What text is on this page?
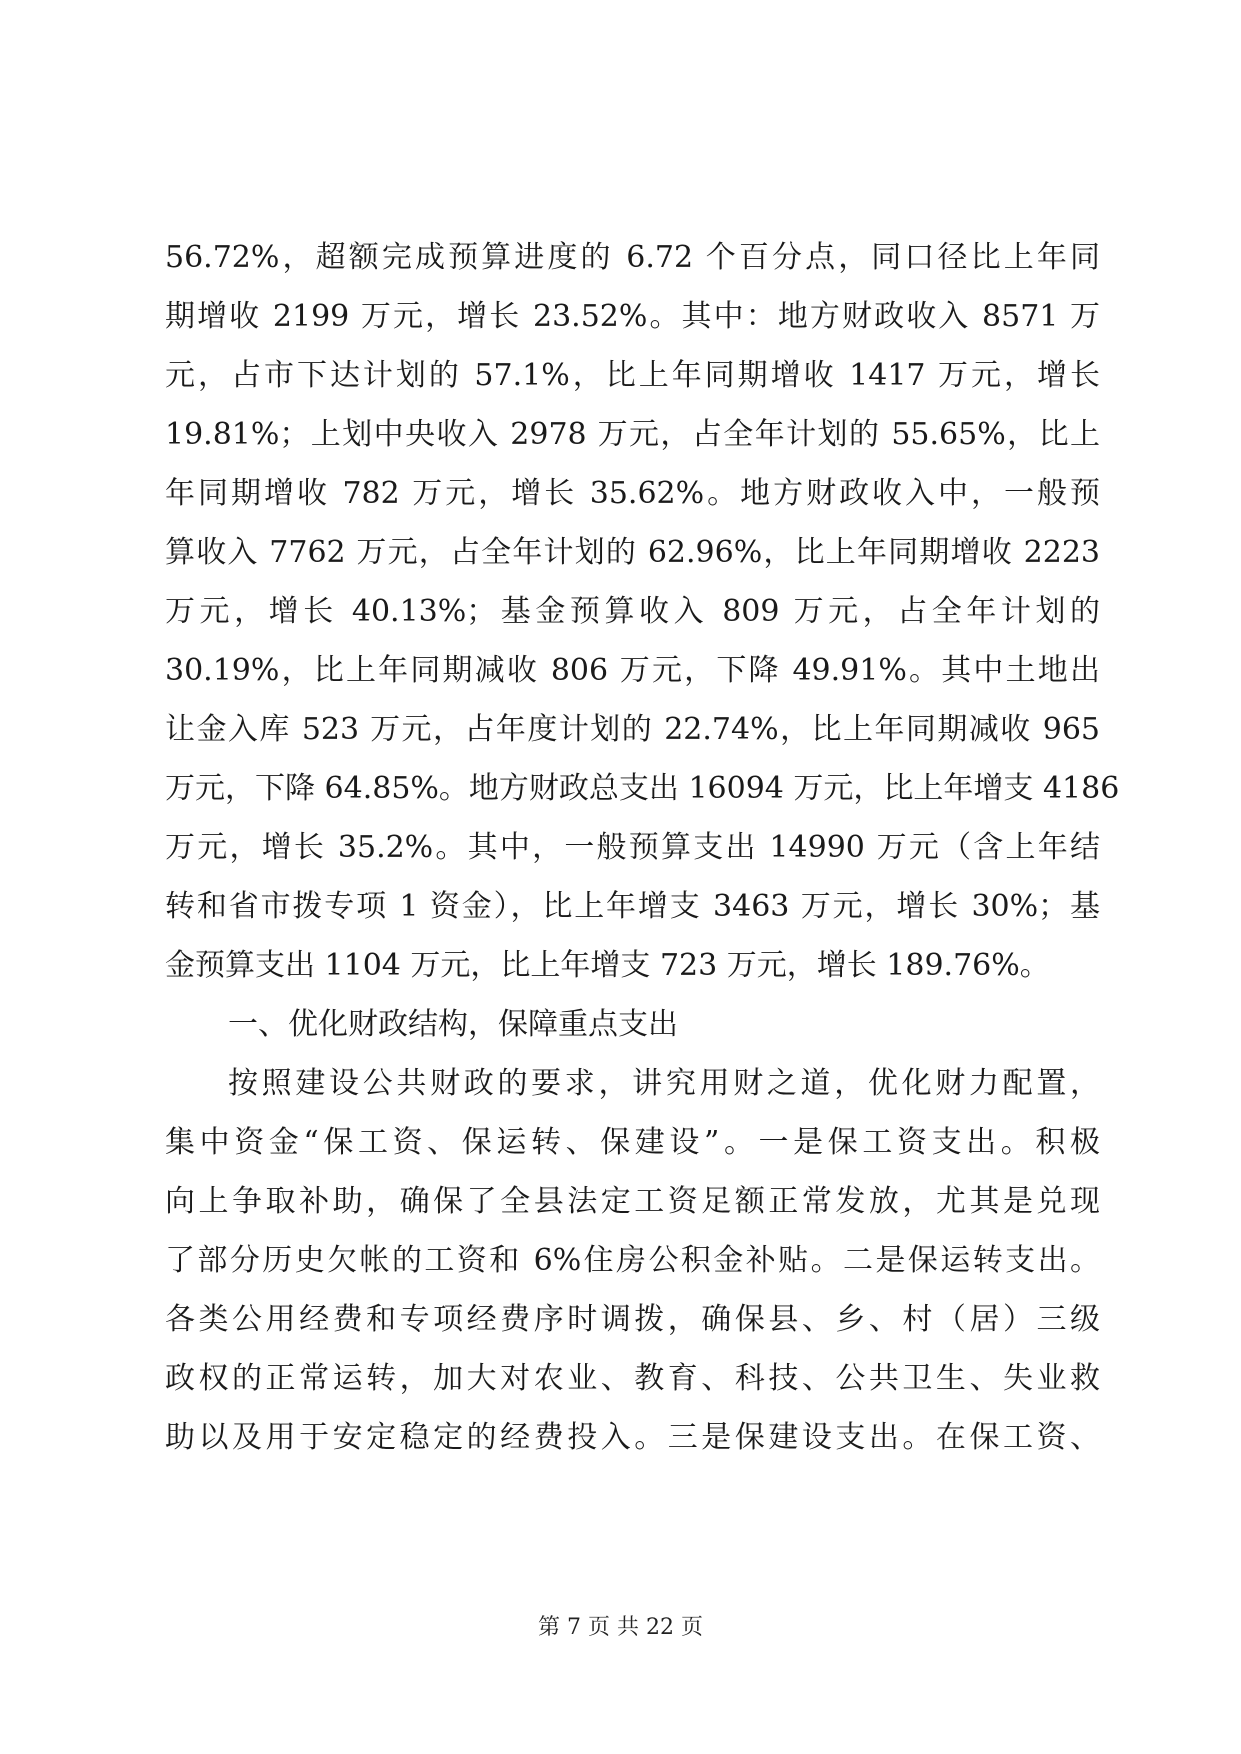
56.72%，超额完成预算进度的 6.72 个百分点，同口径比上年同
期增收 2199 万元，增长 23.52%。其中：地方财政收入 8571 万
元，占市下达计划的 57.1%，比上年同期增收 1417 万元，增长
19.81%；上划中央收入 2978 万元，占全年计划的 55.65%，比上
年同期增收 782 万元，增长 35.62%。地方财政收入中，一般预
算收入 7762 万元，占全年计划的 62.96%，比上年同期增收 2223
万元，增长 40.13%；基金预算收入 809 万元，占全年计划的
30.19%，比上年同期减收 806 万元，下降 49.91%。其中土地出
让金入库 523 万元，占年度计划的 22.74%，比上年同期减收 965
万元，下降 64.85%。地方财政总支出 16094 万元，比上年增支 4186
万元，增长 35.2%。其中，一般预算支出 14990 万元（含上年结
转和省市拨专项 1 资金），比上年增支 3463 万元，增长 30%；基
金预算支出 1104 万元，比上年增支 723 万元，增长 189.76%。
一、优化财政结构，保障重点支出
按照建设公共财政的要求，讲究用财之道，优化财力配置，
集中资金“保工资、保运转、保建设”。一是保工资支出。积极
向上争取补助，确保了全县法定工资足额正常发放，尤其是兑现
了部分历史欠帐的工资和 6%住房公积金补贴。二是保运转支出。
各类公用经费和专项经费序时调拨，确保县、乡、村（居）三级
政权的正常运转，加大对农业、教育、科技、公共卫生、失业救
助以及用于安定稳定的经费投入。三是保建设支出。在保工资、
第 7 页 共 22 页
